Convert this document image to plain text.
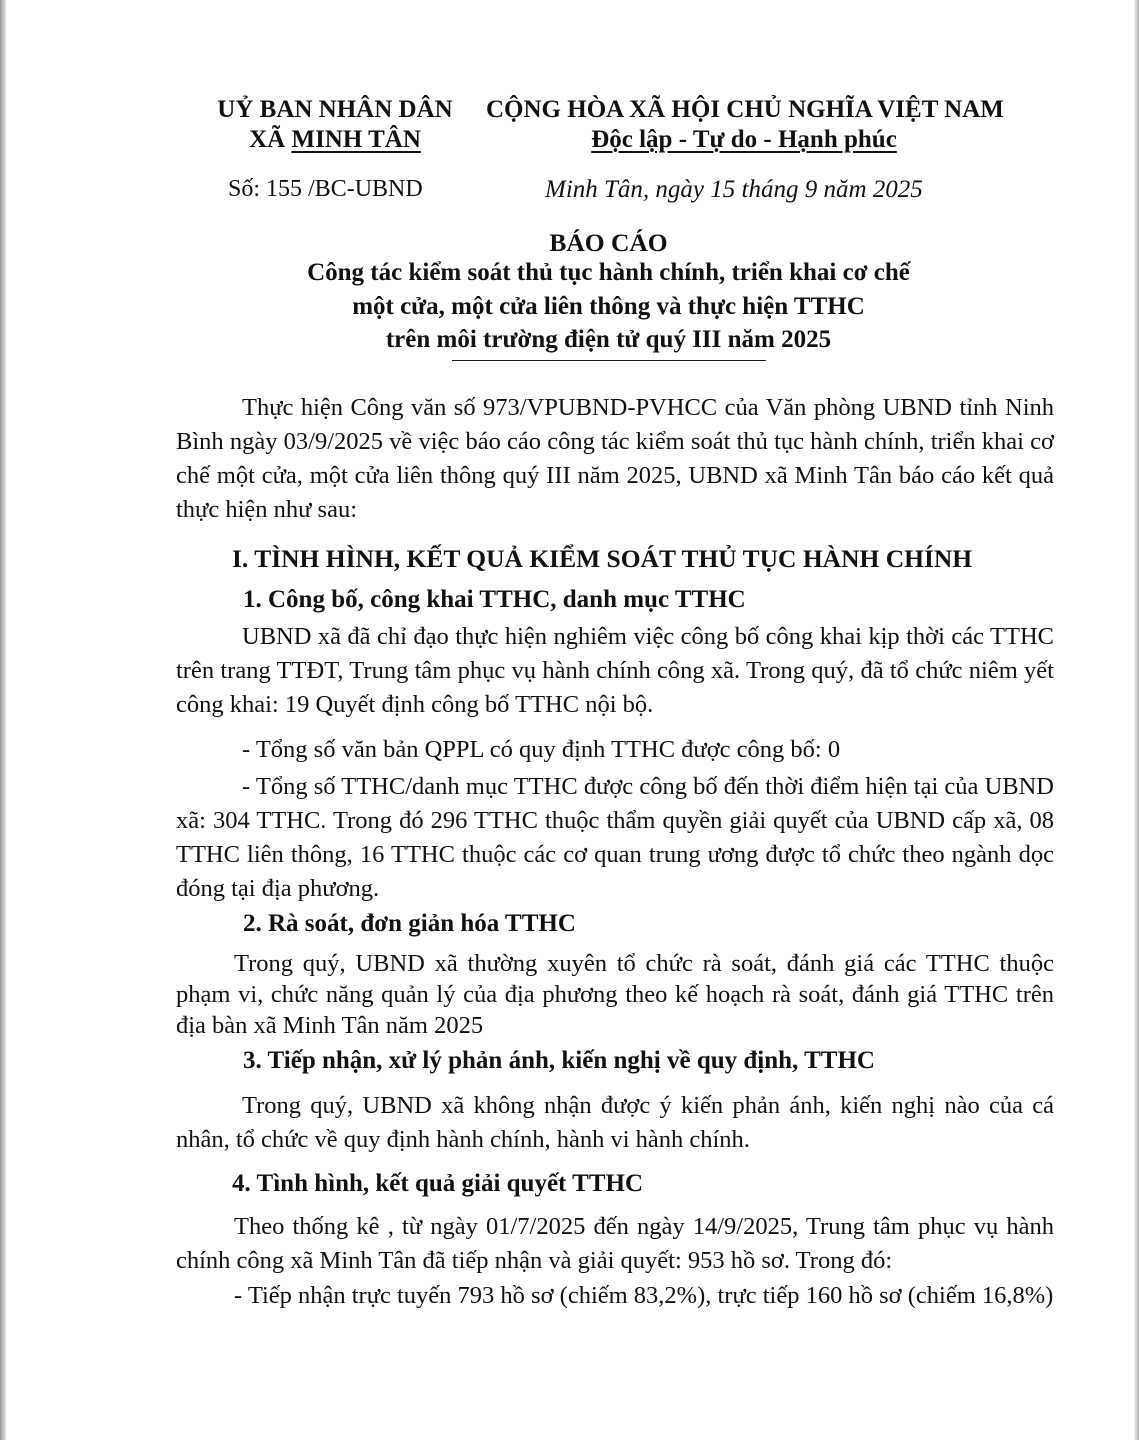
UỶ BAN NHÂN DÂN
XÃ MINH TÂN
CỘNG HÒA XÃ HỘI CHỦ NGHĨA VIỆT NAM
Độc lập - Tự do - Hạnh phúc
Số: 155 /BC-UBND	Minh Tân, ngày 15 tháng 9 năm 2025
BÁO CÁO
Công tác kiểm soát thủ tục hành chính, triển khai cơ chế
một cửa, một cửa liên thông và thực hiện TTHC
trên môi trường điện tử quý III năm 2025

Thực hiện Công văn số 973/VPUBND-PVHCC của Văn phòng UBND tỉnh Ninh Bình ngày 03/9/2025 về việc báo cáo công tác kiểm soát thủ tục hành chính, triển khai cơ chế một cửa, một cửa liên thông quý III năm 2025, UBND xã Minh Tân báo cáo kết quả thực hiện như sau:

I. TÌNH HÌNH, KẾT QUẢ KIỂM SOÁT THỦ TỤC HÀNH CHÍNH
1. Công bố, công khai TTHC, danh mục TTHC

UBND xã đã chỉ đạo thực hiện nghiêm việc công bố công khai kịp thời các TTHC trên trang TTĐT, Trung tâm phục vụ hành chính công xã. Trong quý, đã tổ chức niêm yết công khai: 19 Quyết định công bố TTHC nội bộ.

- Tổng số văn bản QPPL có quy định TTHC được công bố: 0

- Tổng số TTHC/danh mục TTHC được công bố đến thời điểm hiện tại của UBND xã: 304 TTHC. Trong đó 296 TTHC thuộc thẩm quyền giải quyết của UBND cấp xã, 08 TTHC liên thông, 16 TTHC thuộc các cơ quan trung ương được tổ chức theo ngành dọc đóng tại địa phương.

2. Rà soát, đơn giản hóa TTHC

Trong quý, UBND xã thường xuyên tổ chức rà soát, đánh giá các TTHC thuộc phạm vi, chức năng quản lý của địa phương theo kế hoạch rà soát, đánh giá TTHC trên địa bàn xã Minh Tân năm 2025

3. Tiếp nhận, xử lý phản ánh, kiến nghị về quy định, TTHC

Trong quý, UBND xã không nhận được ý kiến phản ánh, kiến nghị nào của cá nhân, tổ chức về quy định hành chính, hành vi hành chính.

4. Tình hình, kết quả giải quyết TTHC

Theo thống kê , từ ngày 01/7/2025 đến ngày 14/9/2025, Trung tâm phục vụ hành chính công xã Minh Tân đã tiếp nhận và giải quyết: 953 hồ sơ. Trong đó:

- Tiếp nhận trực tuyến 793 hồ sơ (chiếm 83,2%), trực tiếp 160 hồ sơ (chiếm 16,8%)
